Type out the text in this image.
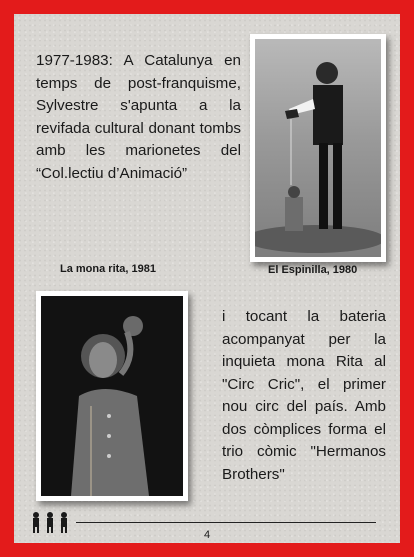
1977-1983: A Catalunya en temps de post-franquisme, Sylvestre s'apunta a la revifada cultural donant tombs amb les marionetes del “Col.lectiu d’Animació”

La mona rita, 1981	El Espinilla, 1980

i tocant la bateria acompanyat per la inquieta mona Rita al "Circ Cric", el primer nou circ del país. Amb dos còmplices forma el trio còmic "Hermanos Brothers"

4
